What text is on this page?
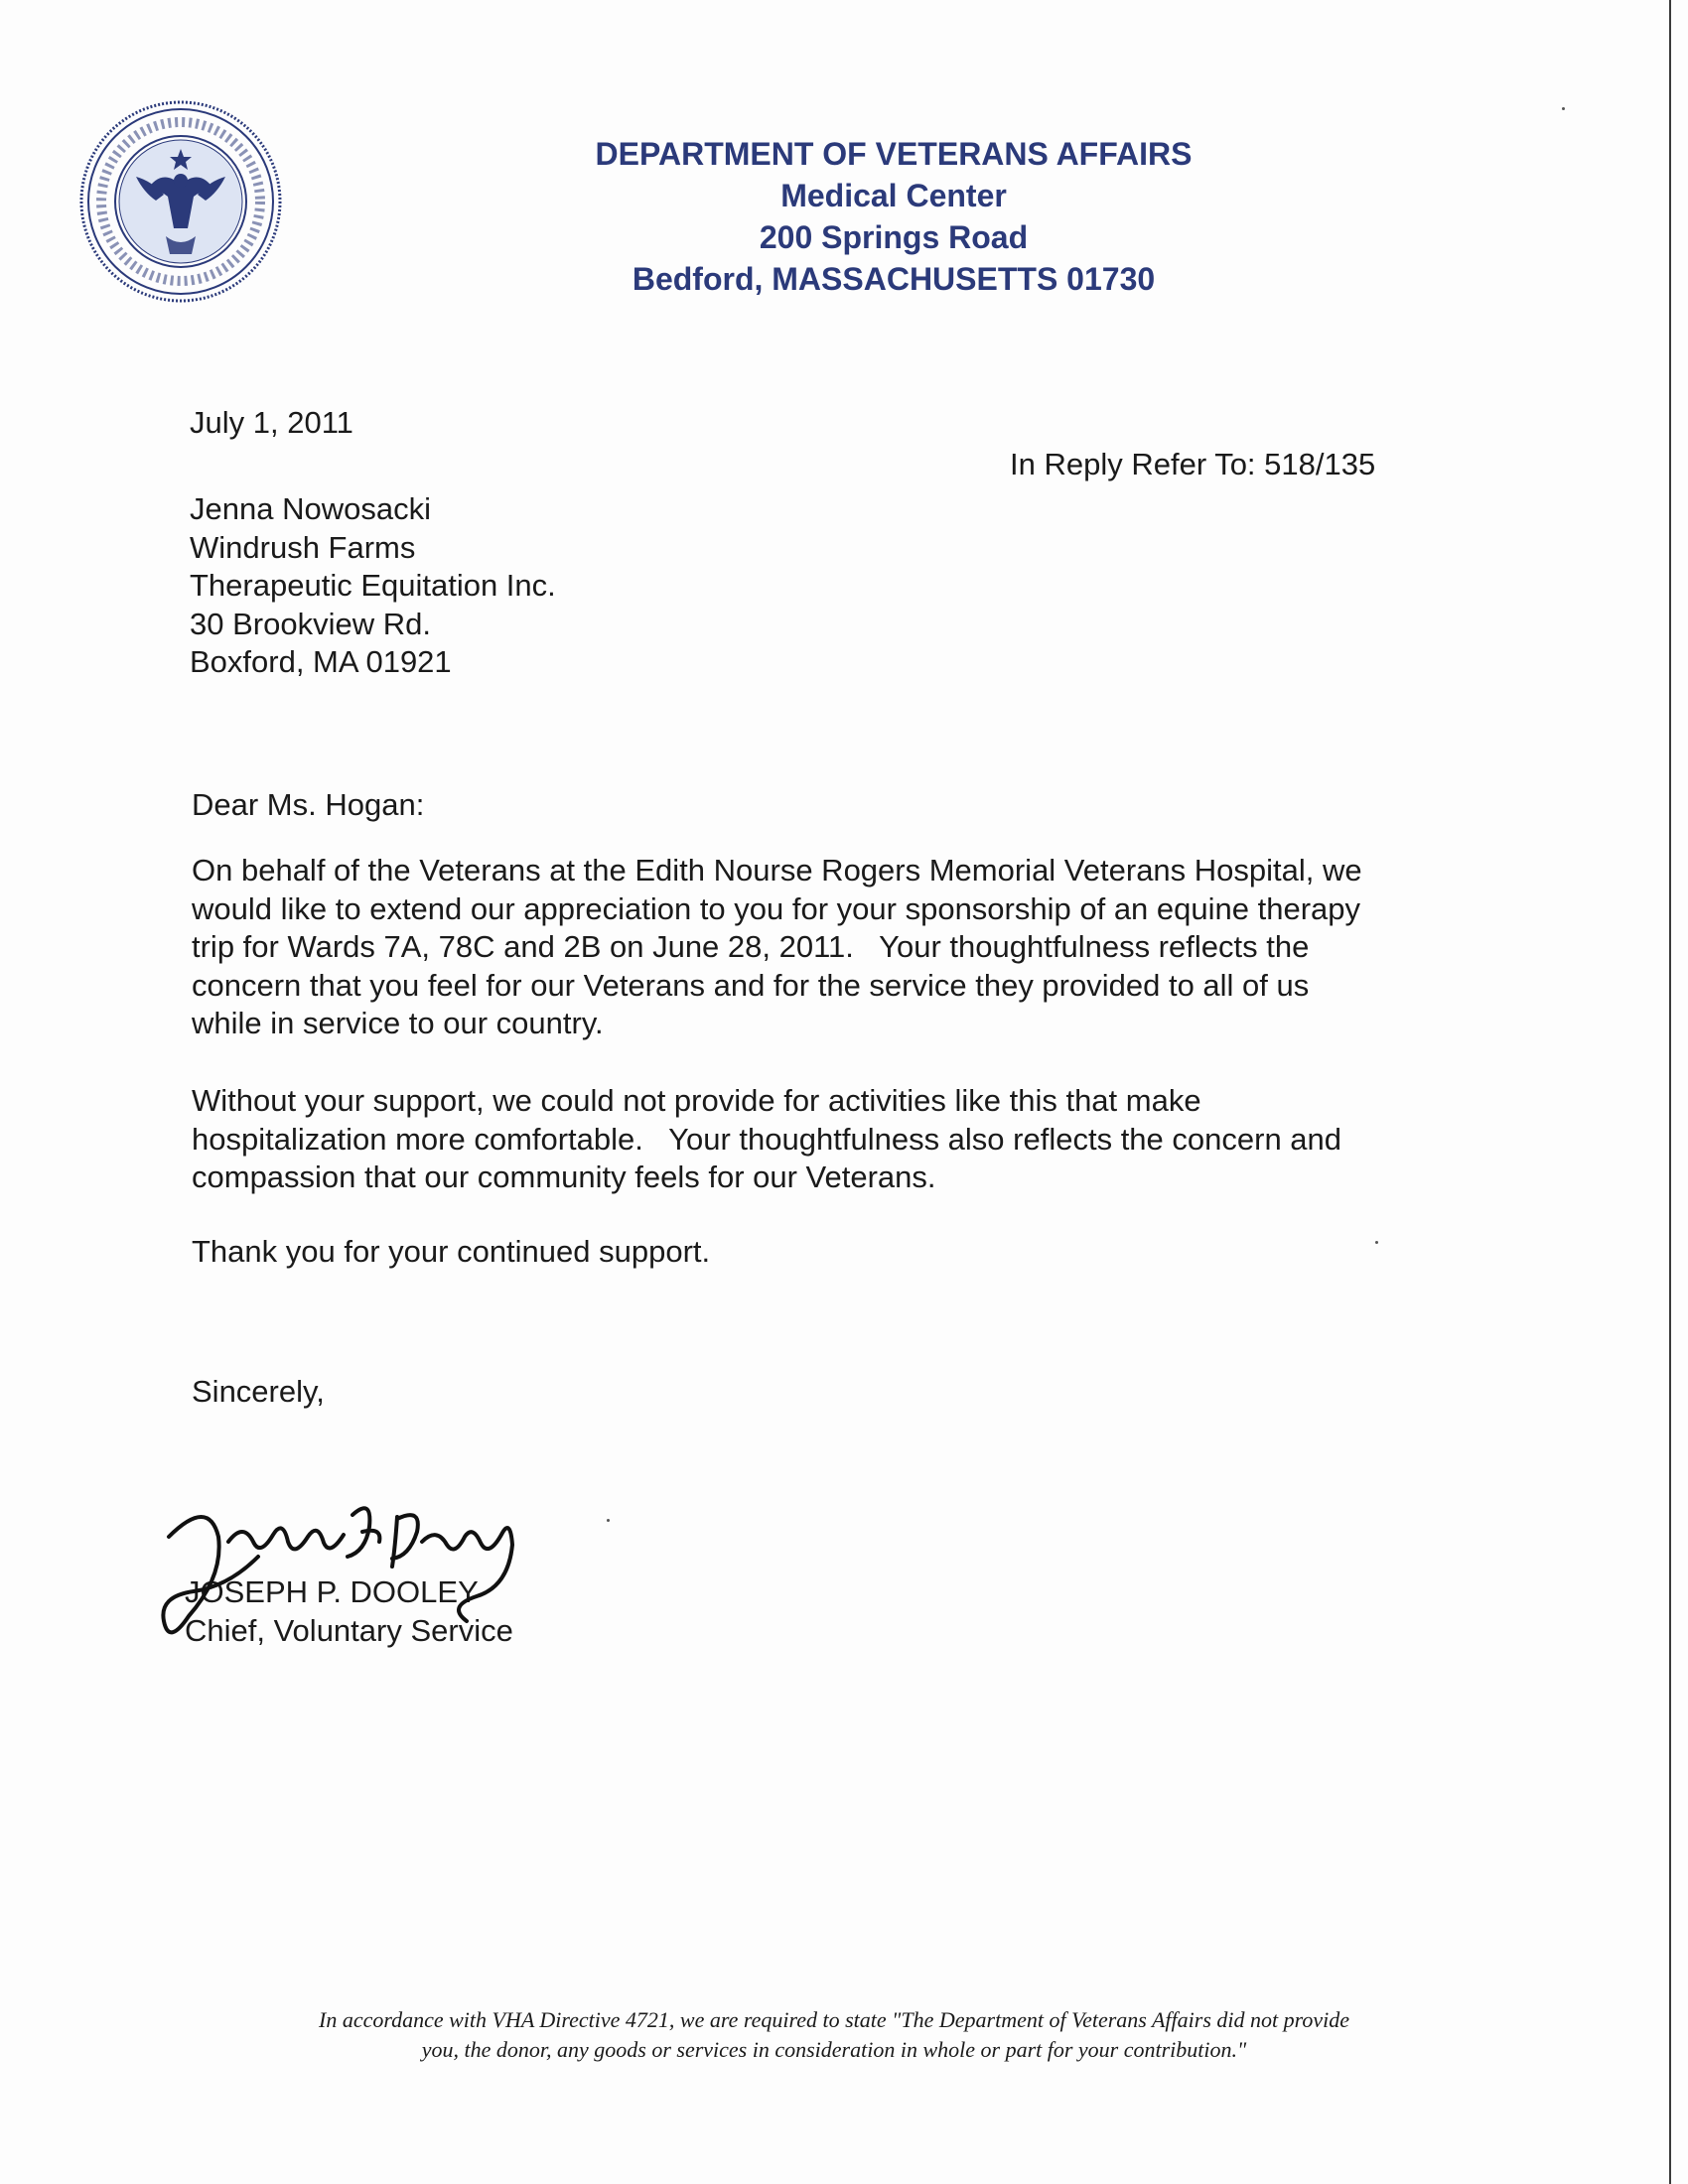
DEPARTMENT OF VETERANS AFFAIRS
Medical Center
200 Springs Road
Bedford, MASSACHUSETTS 01730
July 1, 2011
In Reply Refer To: 518/135
Jenna Nowosacki
Windrush Farms
Therapeutic Equitation Inc.
30 Brookview Rd.
Boxford, MA 01921
Dear Ms. Hogan:
On behalf of the Veterans at the Edith Nourse Rogers Memorial Veterans Hospital, we
would like to extend our appreciation to you for your sponsorship of an equine therapy
trip for Wards 7A, 78C and 2B on June 28, 2011.   Your thoughtfulness reflects the
concern that you feel for our Veterans and for the service they provided to all of us
while in service to our country.
Without your support, we could not provide for activities like this that make
hospitalization more comfortable.   Your thoughtfulness also reflects the concern and
compassion that our community feels for our Veterans.
Thank you for your continued support.
Sincerely,
JOSEPH P. DOOLEY
Chief, Voluntary Service
In accordance with VHA Directive 4721, we are required to state "The Department of Veterans Affairs did not provide
you, the donor, any goods or services in consideration in whole or part for your contribution."
